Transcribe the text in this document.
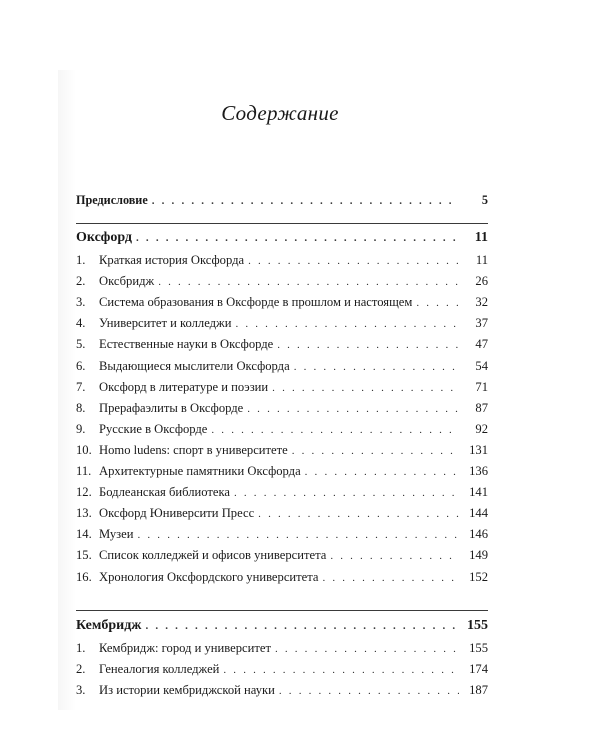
Содержание
Предисловие . . .	5
Оксфорд . . .	11
1. Краткая история Оксфорда . . .	11
2. Оксбридж . . .	26
3. Система образования в Оксфорде в прошлом и настоящем . . .	32
4. Университет и колледжи . . .	37
5. Естественные науки в Оксфорде . . .	47
6. Выдающиеся мыслители Оксфорда . . .	54
7. Оксфорд в литературе и поэзии . . .	71
8. Прерафаэлиты в Оксфорде . . .	87
9. Русские в Оксфорде . . .	92
10. Homo ludens: спорт в университете . . .	131
11. Архитектурные памятники Оксфорда . . .	136
12. Бодлеанская библиотека . . .	141
13. Оксфорд Юниверсити Пресс . . .	144
14. Музеи . . .	146
15. Список колледжей и офисов университета . . .	149
16. Хронология Оксфордского университета . . .	152
Кембридж . . .	155
1. Кембридж: город и университет . . .	155
2. Генеалогия колледжей . . .	174
3. Из истории кембриджской науки . . .	187
